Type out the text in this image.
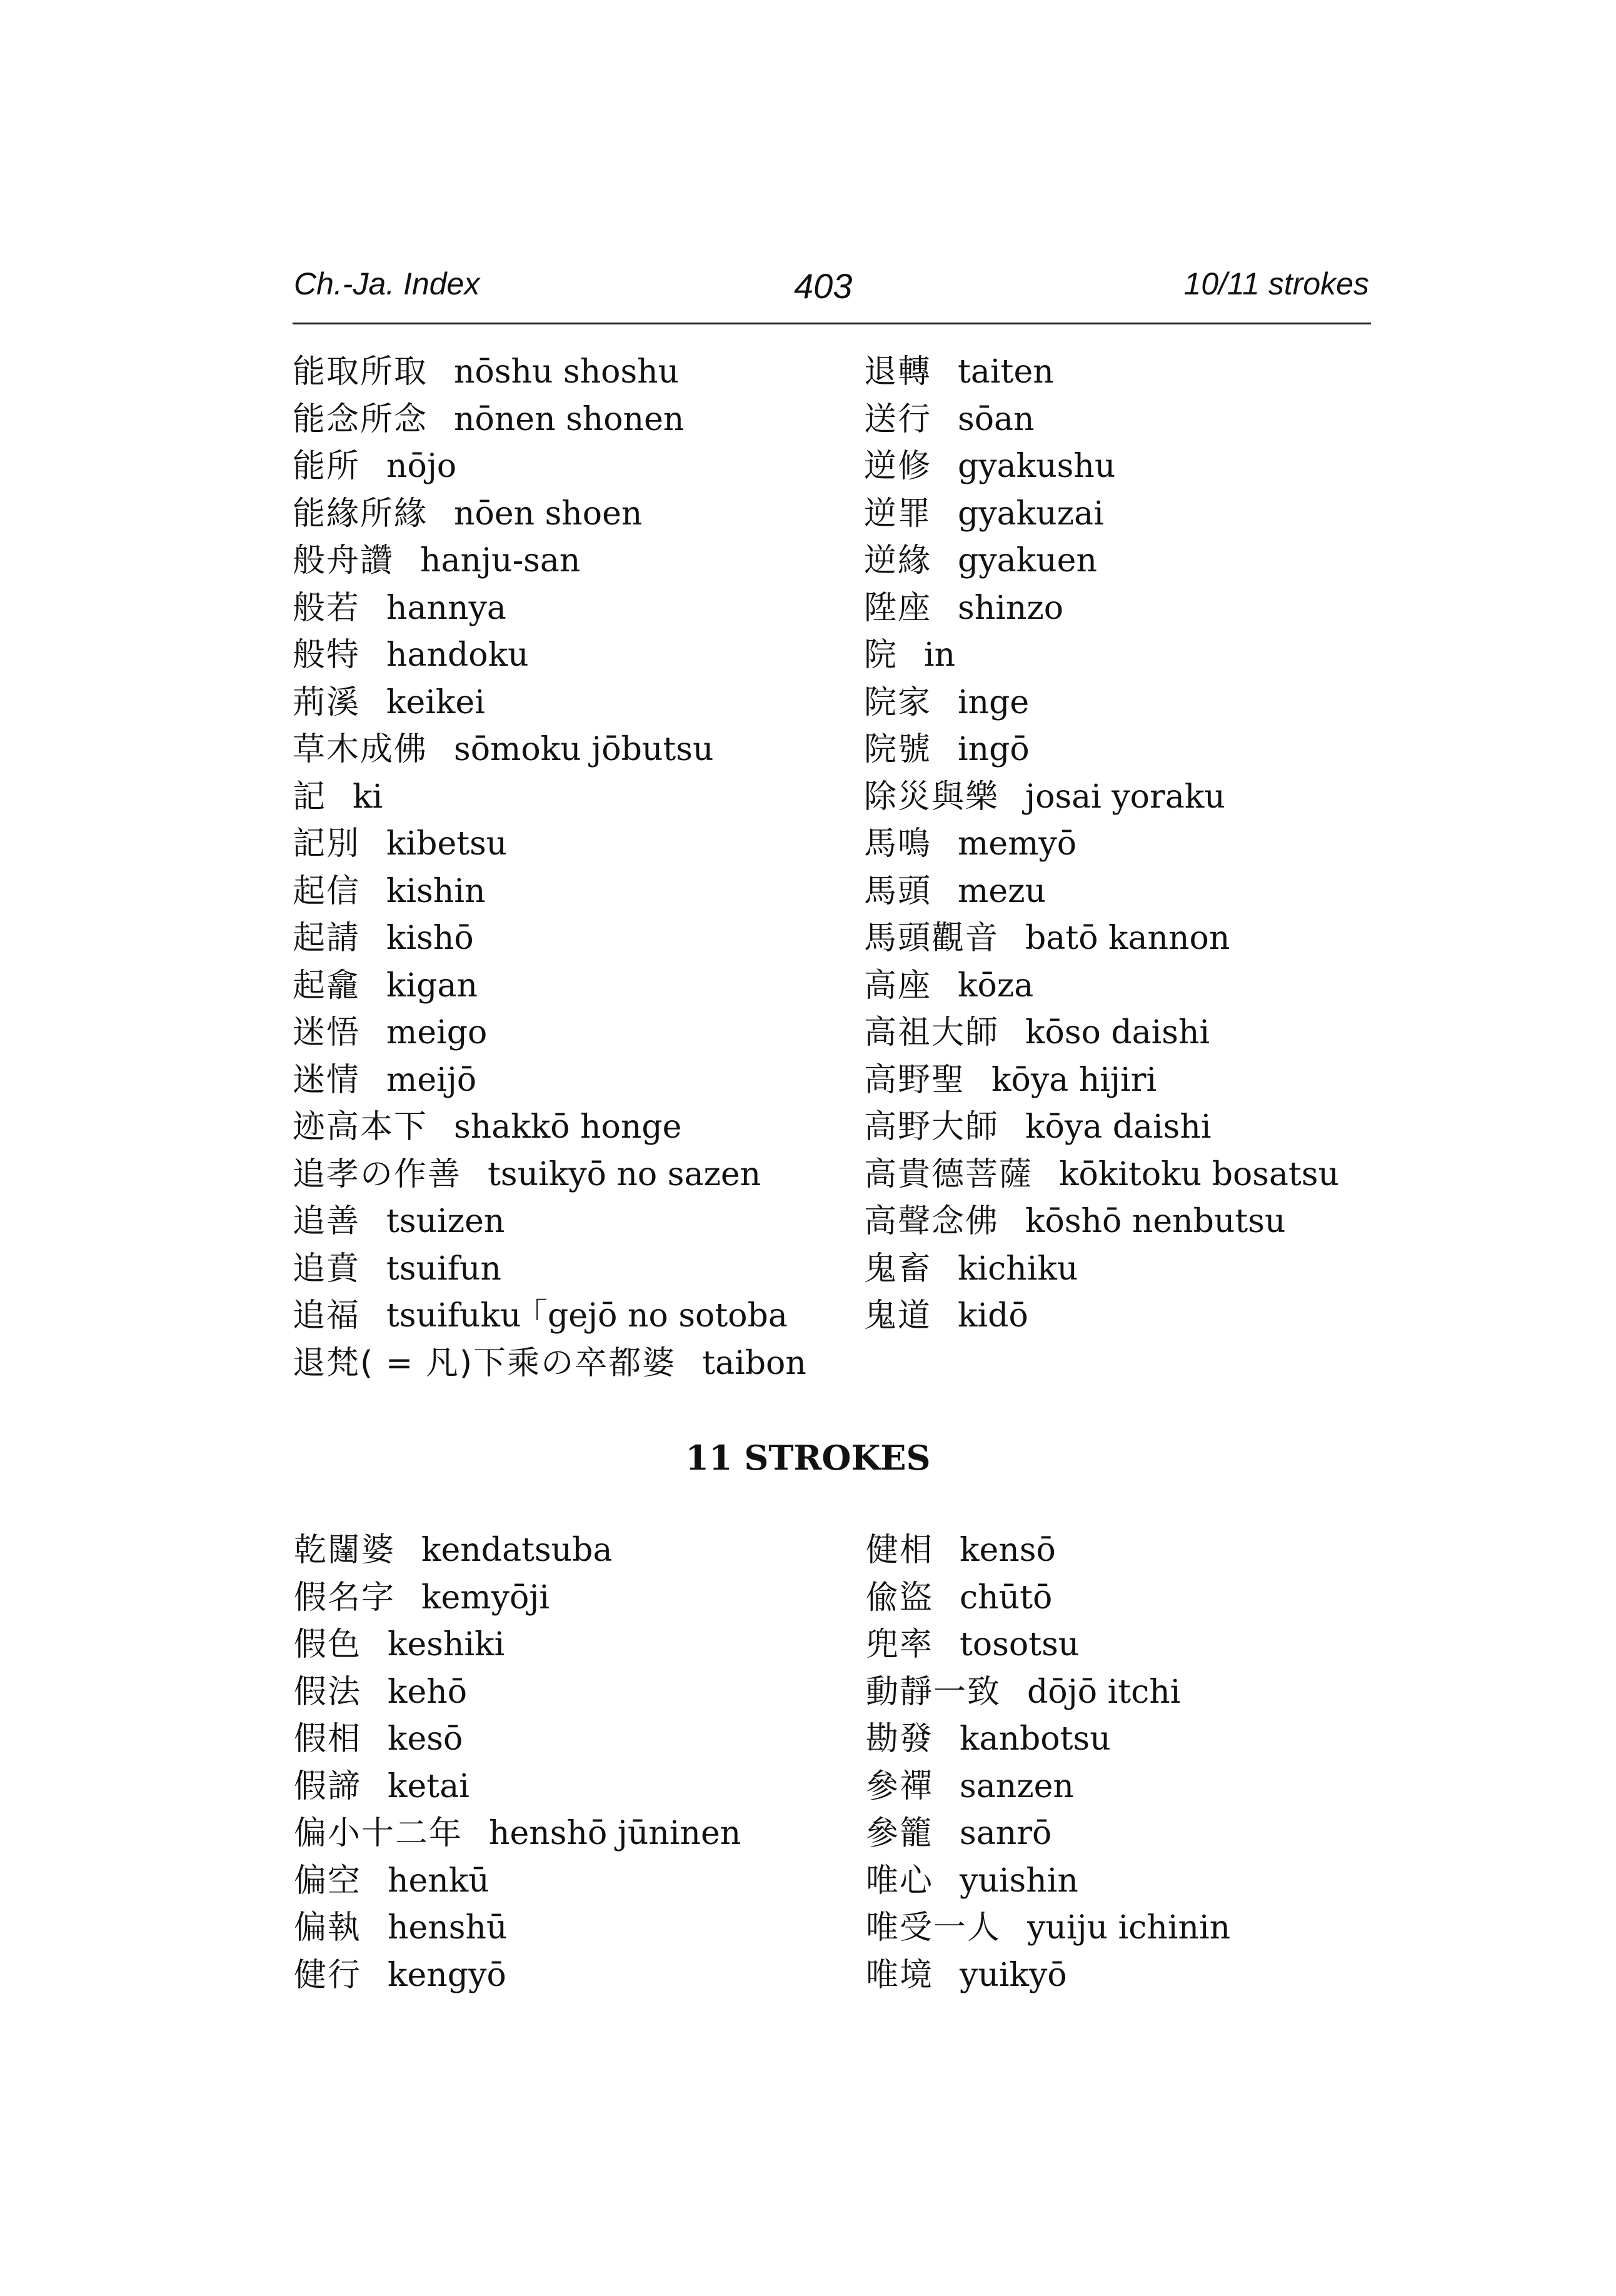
Ch.-Ja. Index	403	10/11 strokes
能取所取 nōshu shoshu
能念所念 nōnen shonen
能所 nōjo
能緣所緣 nōen shoen
般舟讚 hanju-san
般若 hannya
般特 handoku
荊溪 keikei
草木成佛 sōmoku jōbutsu
記 ki
記別 kibetsu
起信 kishin
起請 kishō
起龕 kigan
迷悟 meigo
迷情 meijō
迹高本下 shakkō honge
追孝の作善 tsuikyō no sazen
追善 tsuizen
追賁 tsuifun
追福 tsuifuku ｢gejō no sotoba
退梵( = 凡)下乘の卒都婆 taibon
退轉 taiten
送行 sōan
逆修 gyakushu
逆罪 gyakuzai
逆緣 gyakuen
陞座 shinzo
院 in
院家 inge
院號 ingō
除災與樂 josai yoraku
馬鳴 memyō
馬頭 mezu
馬頭觀音 batō kannon
高座 kōza
高祖大師 kōso daishi
高野聖 kōya hijiri
高野大師 kōya daishi
高貴德菩薩 kōkitoku bosatsu
高聲念佛 kōshō nenbutsu
鬼畜 kichiku
鬼道 kidō
11 STROKES
乾闥婆 kendatsuba
假名字 kemyōji
假色 keshiki
假法 kehō
假相 kesō
假諦 ketai
偏小十二年 henshō jūninen
偏空 henkū
偏執 henshū
健行 kengyō
健相 kensō
偸盜 chūtō
兜率 tosotsu
動靜一致 dōjō itchi
勘發 kanbotsu
參禪 sanzen
參籠 sanrō
唯心 yuishin
唯受一人 yuiju ichinin
唯境 yuikyō
